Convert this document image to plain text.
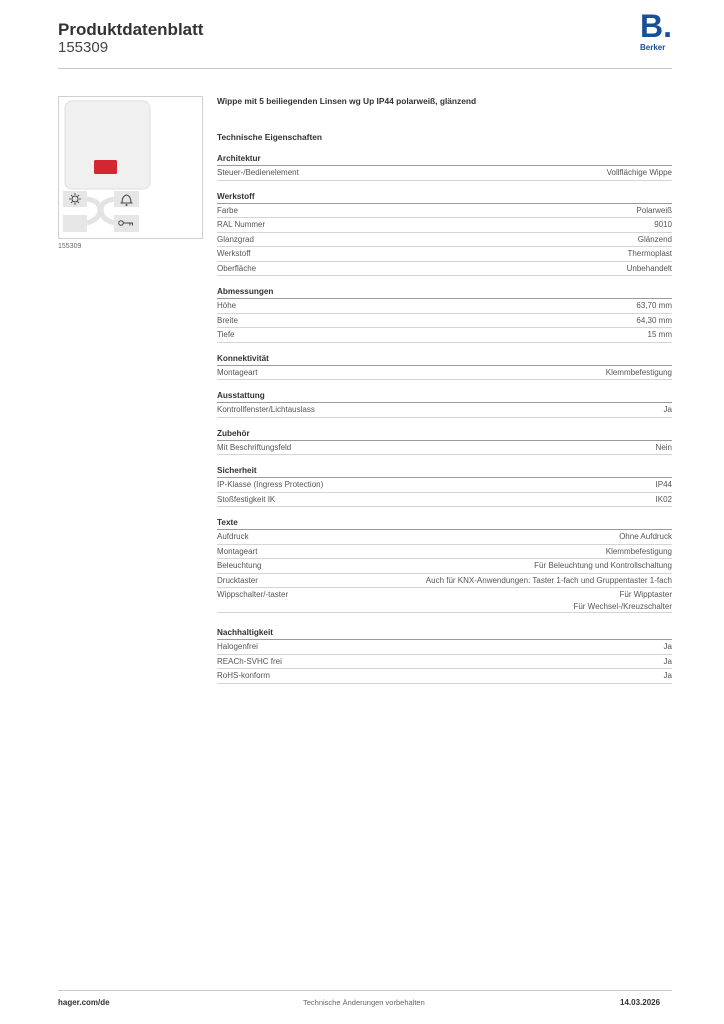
Produktdatenblatt
155309
B.
Berker
155309
Wippe mit 5 beiliegenden Linsen wg Up IP44 polarweiß, glänzend
Technische Eigenschaften
Architektur
Steuer-/Bedienelement	Vollflächige Wippe
Werkstoff
Farbe	Polarweiß
RAL Nummer	9010
Glanzgrad	Glänzend
Werkstoff	Thermoplast
Oberfläche	Unbehandelt
Abmessungen
Höhe	63,70 mm
Breite	64,30 mm
Tiefe	15 mm
Konnektivität
Montageart	Klemmbefestigung
Ausstattung
Kontrollfenster/Lichtauslass	Ja
Zubehör
Mit Beschriftungsfeld	Nein
Sicherheit
IP-Klasse (Ingress Protection)	IP44
Stoßfestigkeit IK	IK02
Texte
Aufdruck	Ohne Aufdruck
Montageart	Klemmbefestigung
Beleuchtung	Für Beleuchtung und Kontrollschaltung
Drucktaster	Auch für KNX-Anwendungen: Taster 1-fach und Gruppentaster 1-fach
Wippschalter/-taster	Für Wipptaster
Für Wechsel-/Kreuzschalter
Nachhaltigkeit
Halogenfrei	Ja
REACh-SVHC frei	Ja
RoHS-konform	Ja
hager.com/de	Technische Änderungen vorbehalten	14.03.2026
